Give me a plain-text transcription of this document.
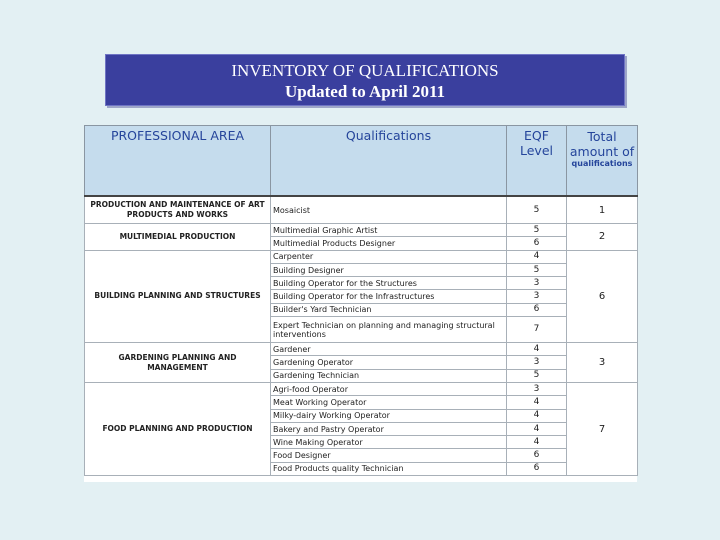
INVENTORY OF QUALIFICATIONS
Updated to April 2011
PROFESSIONAL AREA	Qualifications	EQF Level	Total amount of
qualifications

PRODUCTION AND MAINTENANCE OF ART PRODUCTS AND WORKS	Mosaicist	5	1
MULTIMEDIAL PRODUCTION	Multimedial Graphic Artist	5	2
	Multimedial Products Designer	6	
BUILDING PLANNING AND STRUCTURES	Carpenter	4	6
	Building Designer	5	
	Building Operator for the Structures	3	
	Building Operator for the Infrastructures	3	
	Builder's Yard Technician	6	
	Expert Technician on planning and managing structural interventions	7	
GARDENING PLANNING AND MANAGEMENT	Gardener	4	3
	Gardening Operator	3	
	Gardening Technician	5	
FOOD PLANNING AND PRODUCTION	Agri-food Operator	3	7
	Meat Working Operator	4	
	Milky-dairy Working Operator	4	
	Bakery and Pastry Operator	4	
	Wine Making Operator	4	
	Food Designer	6	
	Food Products quality Technician	6	
